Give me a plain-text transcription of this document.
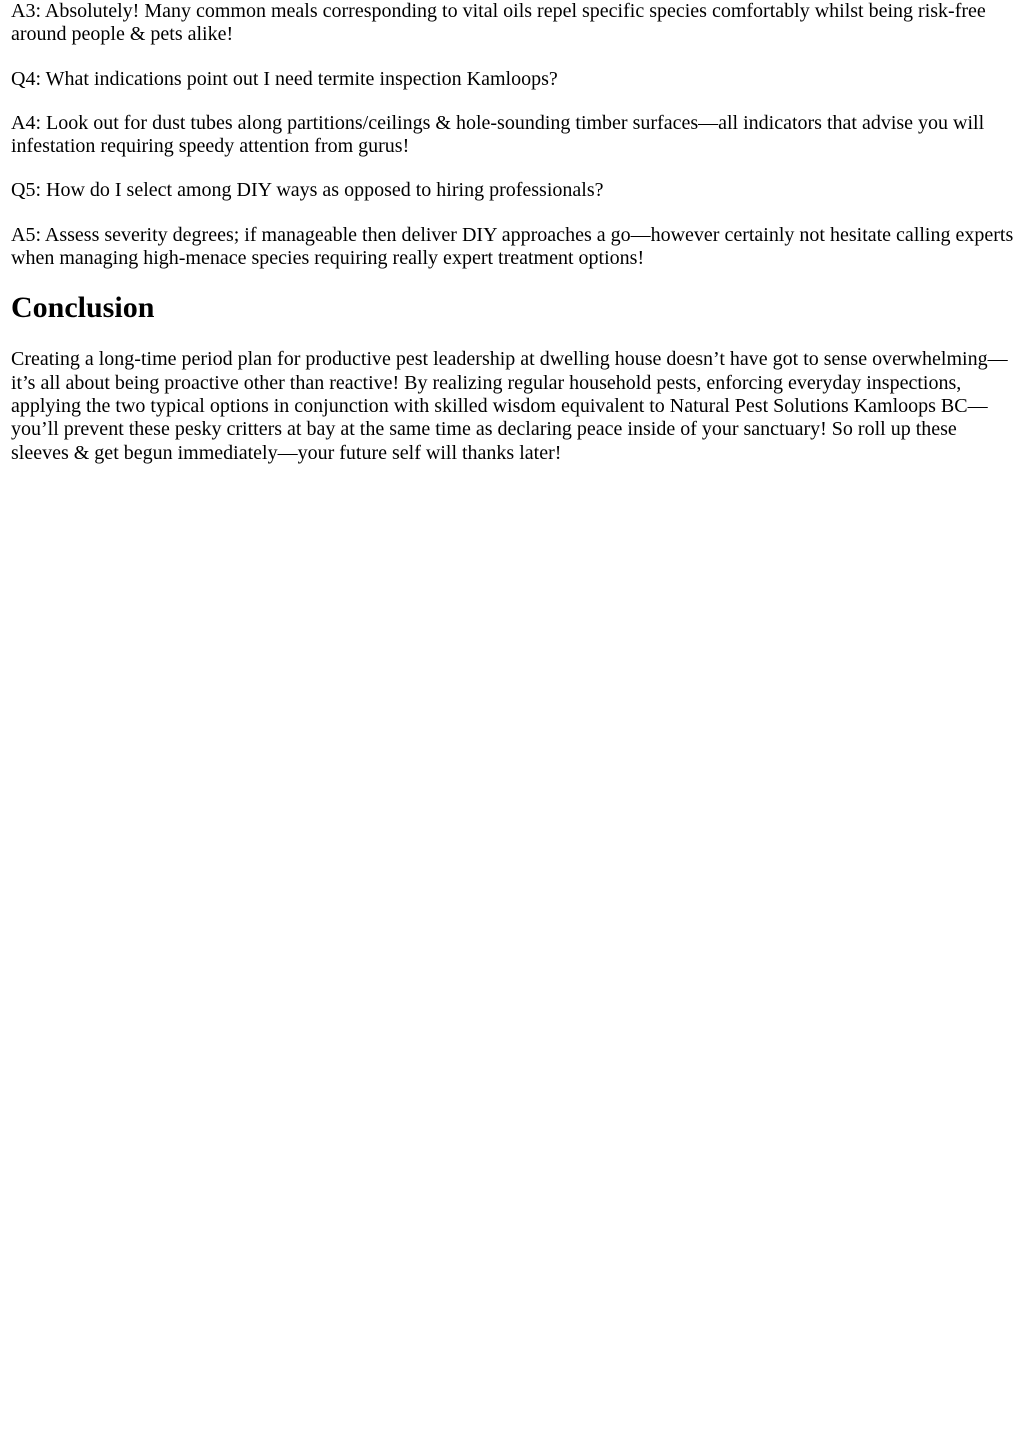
A3: Absolutely! Many common meals corresponding to vital oils repel specific species comfortably whilst being risk-free around people & pets alike!

Q4: What indications point out I need termite inspection Kamloops?

A4: Look out for dust tubes along partitions/ceilings & hole-sounding timber surfaces—all indicators that advise you will infestation requiring speedy attention from gurus!

Q5: How do I select among DIY ways as opposed to hiring professionals?

A5: Assess severity degrees; if manageable then deliver DIY approaches a go—however certainly not hesitate calling experts when managing high-menace species requiring really expert treatment options!

Conclusion

Creating a long-time period plan for productive pest leadership at dwelling house doesn’t have got to sense overwhelming—it’s all about being proactive other than reactive! By realizing regular household pests, enforcing everyday inspections, applying the two typical options in conjunction with skilled wisdom equivalent to Natural Pest Solutions Kamloops BC—you’ll prevent these pesky critters at bay at the same time as declaring peace inside of your sanctuary! So roll up these sleeves & get begun immediately—your future self will thanks later!
